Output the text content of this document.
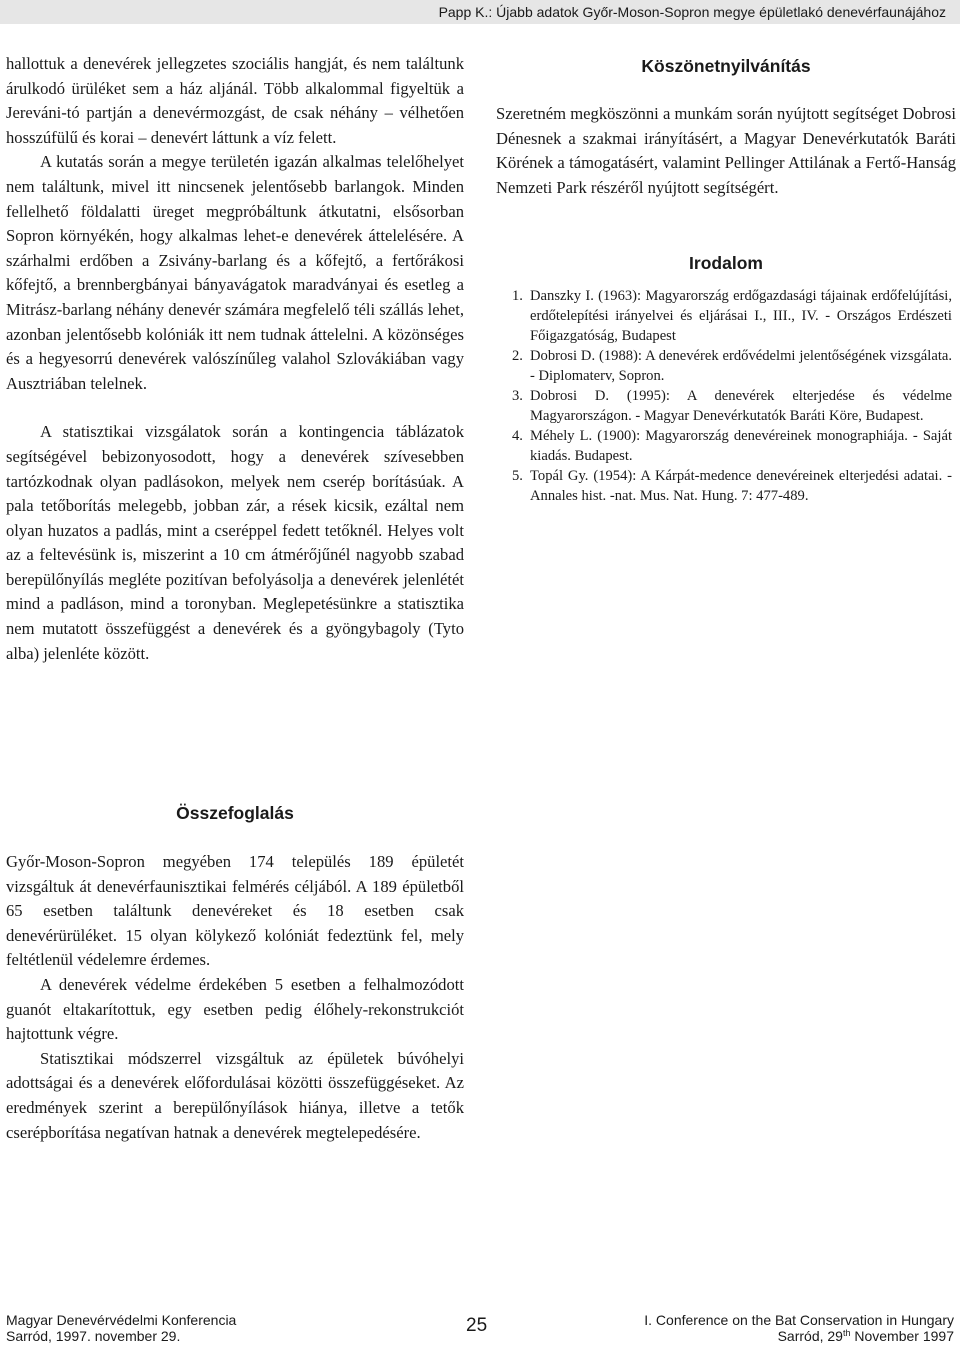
Papp K.: Újabb adatok Győr-Moson-Sopron megye épületlakó denevérfaunájához

hallottuk a denevérek jellegzetes szociális hangját, és nem találtunk árulkodó ürüléket sem a ház aljánál. Több alkalommal figyeltük a Jereváni-tó partján a denevérmozgást, de csak néhány – vélhetően hosszúfülű és korai – denevért láttunk a víz felett.

A kutatás során a megye területén igazán alkalmas telelőhelyet nem találtunk, mivel itt nincsenek jelentősebb barlangok. Minden fellelhető földalatti üreget megpróbáltunk átkutatni, elsősorban Sopron környékén, hogy alkalmas lehet-e denevérek áttelelésére. A szárhalmi erdőben a Zsivány-barlang és a kőfejtő, a fertőrákosi kőfejtő, a brennbergbányai bányavágatok maradványai és esetleg a Mitrász-barlang néhány denevér számára megfelelő téli szállás lehet, azonban jelentősebb kolóniák itt nem tudnak áttelelni. A közönséges és a hegyesorrú denevérek valószínűleg valahol Szlovákiában vagy Ausztriában telelnek.

A statisztikai vizsgálatok során a kontingencia táblázatok segítségével bebizonyosodott, hogy a denevérek szívesebben tartózkodnak olyan padlásokon, melyek nem cserép borításúak. A pala tetőborítás melegebb, jobban zár, a rések kicsik, ezáltal nem olyan huzatos a padlás, mint a cseréppel fedett tetőknél. Helyes volt az a feltevésünk is, miszerint a 10 cm átmérőjűnél nagyobb szabad berepülőnyílás megléte pozitívan befolyásolja a denevérek jelenlétét mind a padláson, mind a toronyban. Meglepetésünkre a statisztika nem mutatott összefüggést a denevérek és a gyöngybagoly (Tyto alba) jelenléte között.

Összefoglalás

Győr-Moson-Sopron megyében 174 település 189 épületét vizsgáltuk át denevérfaunisztikai felmérés céljából. A 189 épületből 65 esetben találtunk denevéreket és 18 esetben csak denevérürüléket. 15 olyan kölykező kolóniát fedeztünk fel, mely feltétlenül védelemre érdemes.

A denevérek védelme érdekében 5 esetben a felhalmozódott guanót eltakarítottuk, egy esetben pedig élőhely-rekonstrukciót hajtottunk végre.

Statisztikai módszerrel vizsgáltuk az épületek búvóhelyi adottságai és a denevérek előfordulásai közötti összefüggéseket. Az eredmények szerint a berepülőnyílások hiánya, illetve a tetők cserépborítása negatívan hatnak a denevérek megtelepedésére.

Köszönetnyilvánítás

Szeretném megköszönni a munkám során nyújtott segítséget Dobrosi Dénesnek a szakmai irányításért, a Magyar Denevérkutatók Baráti Körének a támogatásért, valamint Pellinger Attilának a Fertő-Hanság Nemzeti Park részéről nyújtott segítségért.

Irodalom
1. Danszky I. (1963): Magyarország erdőgazdasági tájainak erdőfelújítási, erdőtelepítési irányelvei és eljárásai I., III., IV. - Országos Erdészeti Főigazgatóság, Budapest
2. Dobrosi D. (1988): A denevérek erdővédelmi jelentőségének vizsgálata. - Diplomaterv, Sopron.
3. Dobrosi D. (1995): A denevérek elterjedése és védelme Magyarországon. - Magyar Denevérkutatók Baráti Köre, Budapest.
4. Méhely L. (1900): Magyarország denevéreinek monographiája. - Saját kiadás. Budapest.
5. Topál Gy. (1954): A Kárpát-medence denevéreinek elterjedési adatai. - Annales hist. -nat. Mus. Nat. Hung. 7: 477-489.
Magyar Denevérvédelmi Konferencia
Sarród, 1997. november 29.	25	I. Conference on the Bat Conservation in Hungary
Sarród, 29th November 1997
